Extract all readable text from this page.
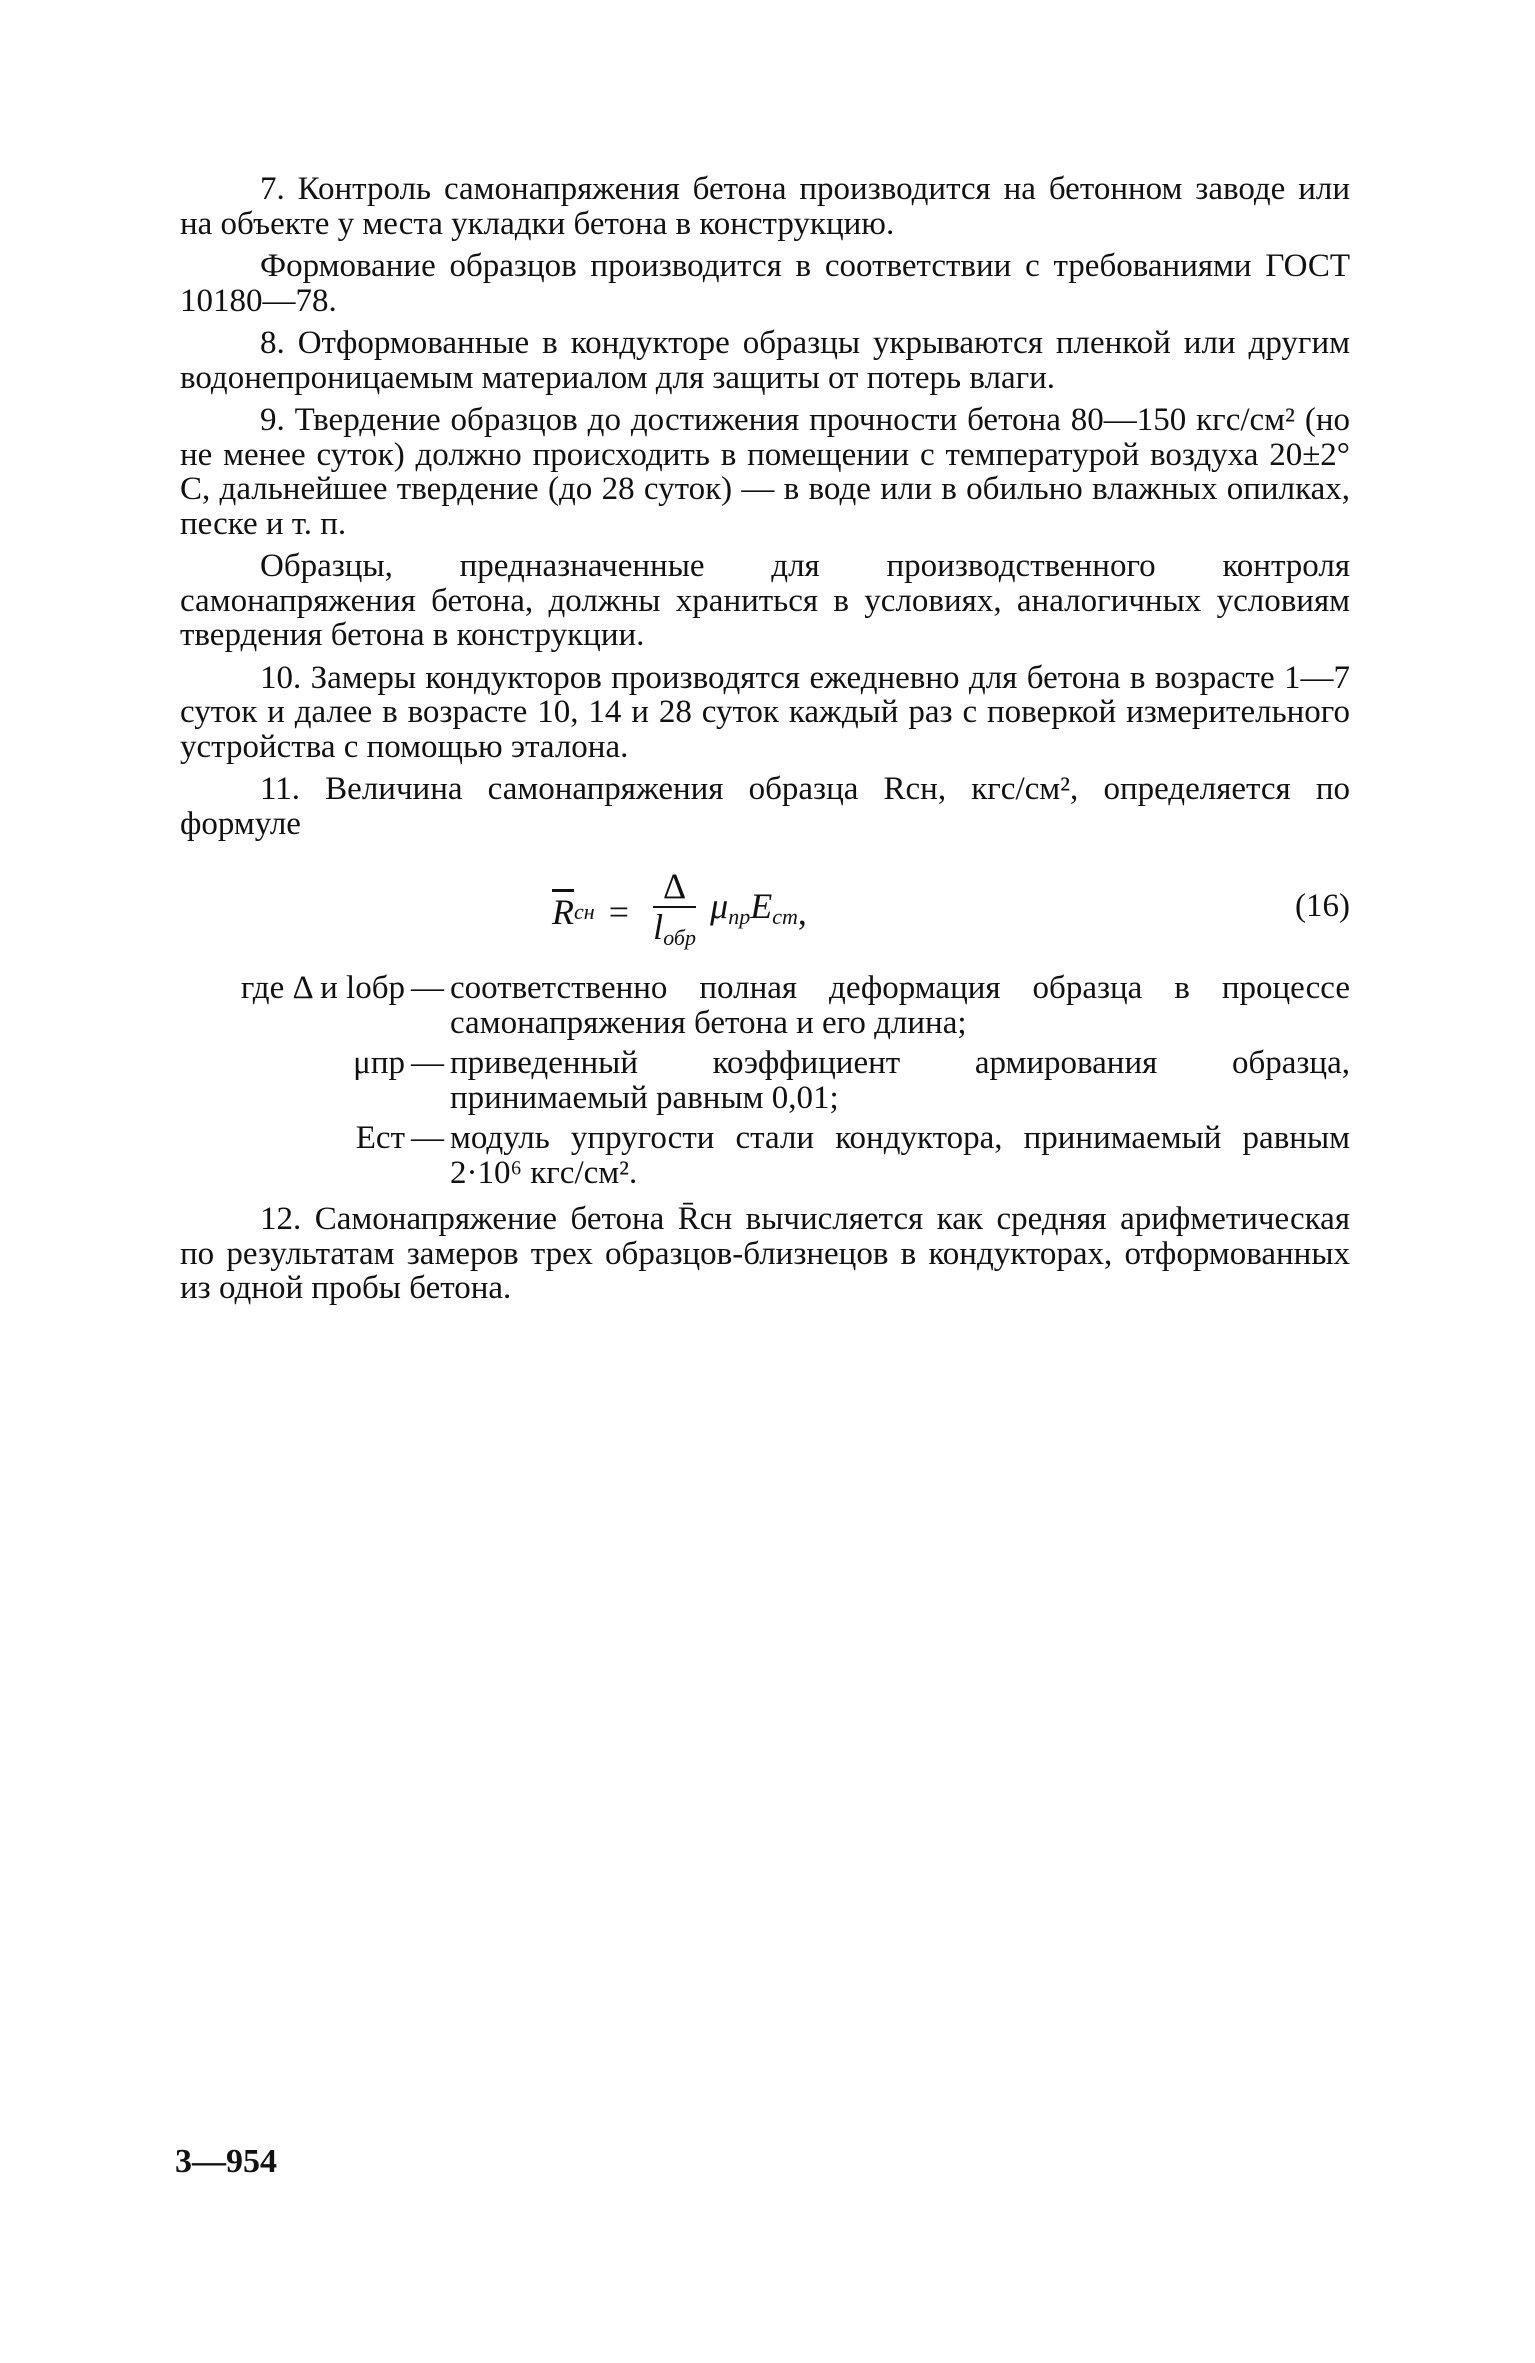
7. Контроль самонапряжения бетона производится на бетонном заводе или на объекте у места укладки бетона в конструкцию.

Формование образцов производится в соответствии с требованиями ГОСТ 10180—78.

8. Отформованные в кондукторе образцы укрываются пленкой или другим водонепроницаемым материалом для защиты от потерь влаги.

9. Твердение образцов до достижения прочности бетона 80—150 кгс/см² (но не менее суток) должно происходить в помещении с температурой воздуха 20±2° С, дальнейшее твердение (до 28 суток) — в воде или в обильно влажных опилках, песке и т. п.

Образцы, предназначенные для производственного контроля самонапряжения бетона, должны храниться в условиях, аналогичных условиям твердения бетона в конструкции.

10. Замеры кондукторов производятся ежедневно для бетона в возрасте 1—7 суток и далее в возрасте 10, 14 и 28 суток каждый раз с поверкой измерительного устройства с помощью эталона.

11. Величина самонапряжения образца Rсн, кгс/см², определяется по формуле

$\overline{R}$ сн = $\frac{\Delta}{l_{обр}} \mu_{пр}$ $E_{ст}$ ,	(16)
где Δ и lобр — соответственно полная деформация образца в процессе самонапряжения бетона и его длина;
μпр — приведенный коэффициент армирования образца, принимаемый равным 0,01;
Eст — модуль упругости стали кондуктора, принимаемый равным 2·10⁶ кгс/см².

12. Самонапряжение бетона R̄сн вычисляется как средняя арифметическая по результатам замеров трех образцов-близнецов в кондукторах, отформованных из одной пробы бетона.

3—954
